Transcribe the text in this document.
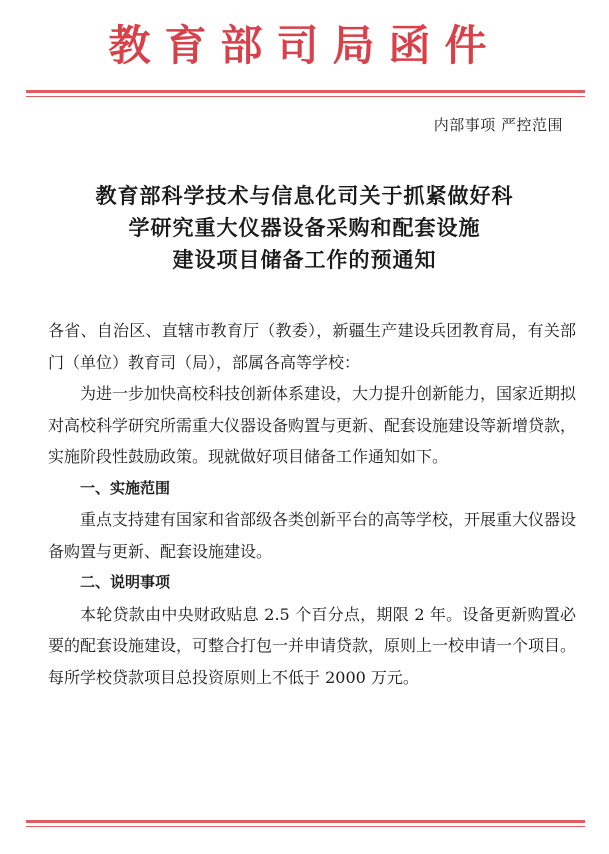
教育部司局函件
内部事项 严控范围
教育部科学技术与信息化司关于抓紧做好科
学研究重大仪器设备采购和配套设施
建设项目储备工作的预通知

各省、自治区、直辖市教育厅（教委），新疆生产建设兵团教育局，有关部门（单位）教育司（局），部属各高等学校：

为进一步加快高校科技创新体系建设，大力提升创新能力，国家近期拟对高校科学研究所需重大仪器设备购置与更新、配套设施建设等新增贷款，实施阶段性鼓励政策。现就做好项目储备工作通知如下。

一、实施范围

重点支持建有国家和省部级各类创新平台的高等学校，开展重大仪器设备购置与更新、配套设施建设。

二、说明事项

本轮贷款由中央财政贴息 2.5 个百分点，期限 2 年。设备更新购置必要的配套设施建设，可整合打包一并申请贷款，原则上一校申请一个项目。每所学校贷款项目总投资原则上不低于 2000 万元。
